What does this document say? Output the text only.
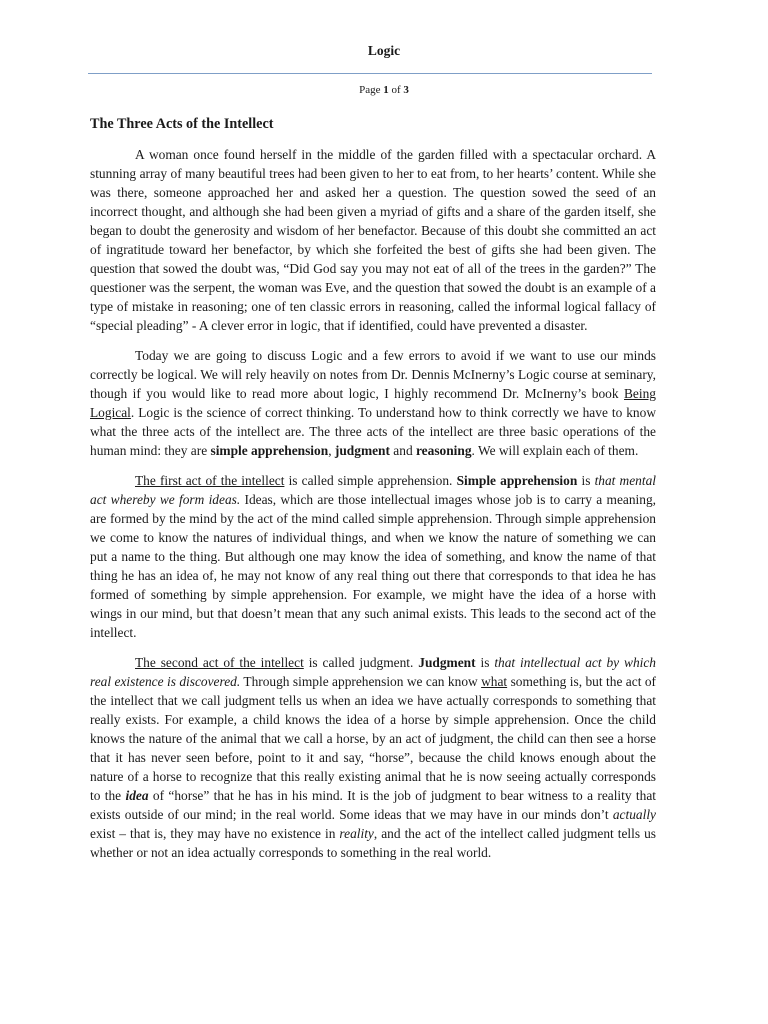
Logic
Page 1 of 3
The Three Acts of the Intellect

A woman once found herself in the middle of the garden filled with a spectacular orchard. A stunning array of many beautiful trees had been given to her to eat from, to her hearts’ content. While she was there, someone approached her and asked her a question. The question sowed the seed of an incorrect thought, and although she had been given a myriad of gifts and a share of the garden itself, she began to doubt the generosity and wisdom of her benefactor. Because of this doubt she committed an act of ingratitude toward her benefactor, by which she forfeited the best of gifts she had been given. The question that sowed the doubt was, “Did God say you may not eat of all of the trees in the garden?” The questioner was the serpent, the woman was Eve, and the question that sowed the doubt is an example of a type of mistake in reasoning; one of ten classic errors in reasoning, called the informal logical fallacy of “special pleading” - A clever error in logic, that if identified, could have prevented a disaster.

Today we are going to discuss Logic and a few errors to avoid if we want to use our minds correctly be logical. We will rely heavily on notes from Dr. Dennis McInerny’s Logic course at seminary, though if you would like to read more about logic, I highly recommend Dr. McInerny’s book Being Logical. Logic is the science of correct thinking. To understand how to think correctly we have to know what the three acts of the intellect are. The three acts of the intellect are three basic operations of the human mind: they are simple apprehension, judgment and reasoning. We will explain each of them.

The first act of the intellect is called simple apprehension. Simple apprehension is that mental act whereby we form ideas. Ideas, which are those intellectual images whose job is to carry a meaning, are formed by the mind by the act of the mind called simple apprehension. Through simple apprehension we come to know the natures of individual things, and when we know the nature of something we can put a name to the thing. But although one may know the idea of something, and know the name of that thing he has an idea of, he may not know of any real thing out there that corresponds to that idea he has formed of something by simple apprehension. For example, we might have the idea of a horse with wings in our mind, but that doesn’t mean that any such animal exists. This leads to the second act of the intellect.

The second act of the intellect is called judgment. Judgment is that intellectual act by which real existence is discovered. Through simple apprehension we can know what something is, but the act of the intellect that we call judgment tells us when an idea we have actually corresponds to something that really exists. For example, a child knows the idea of a horse by simple apprehension. Once the child knows the nature of the animal that we call a horse, by an act of judgment, the child can then see a horse that it has never seen before, point to it and say, “horse”, because the child knows enough about the nature of a horse to recognize that this really existing animal that he is now seeing actually corresponds to the idea of “horse” that he has in his mind. It is the job of judgment to bear witness to a reality that exists outside of our mind; in the real world. Some ideas that we may have in our minds don’t actually exist – that is, they may have no existence in reality, and the act of the intellect called judgment tells us whether or not an idea actually corresponds to something in the real world.
